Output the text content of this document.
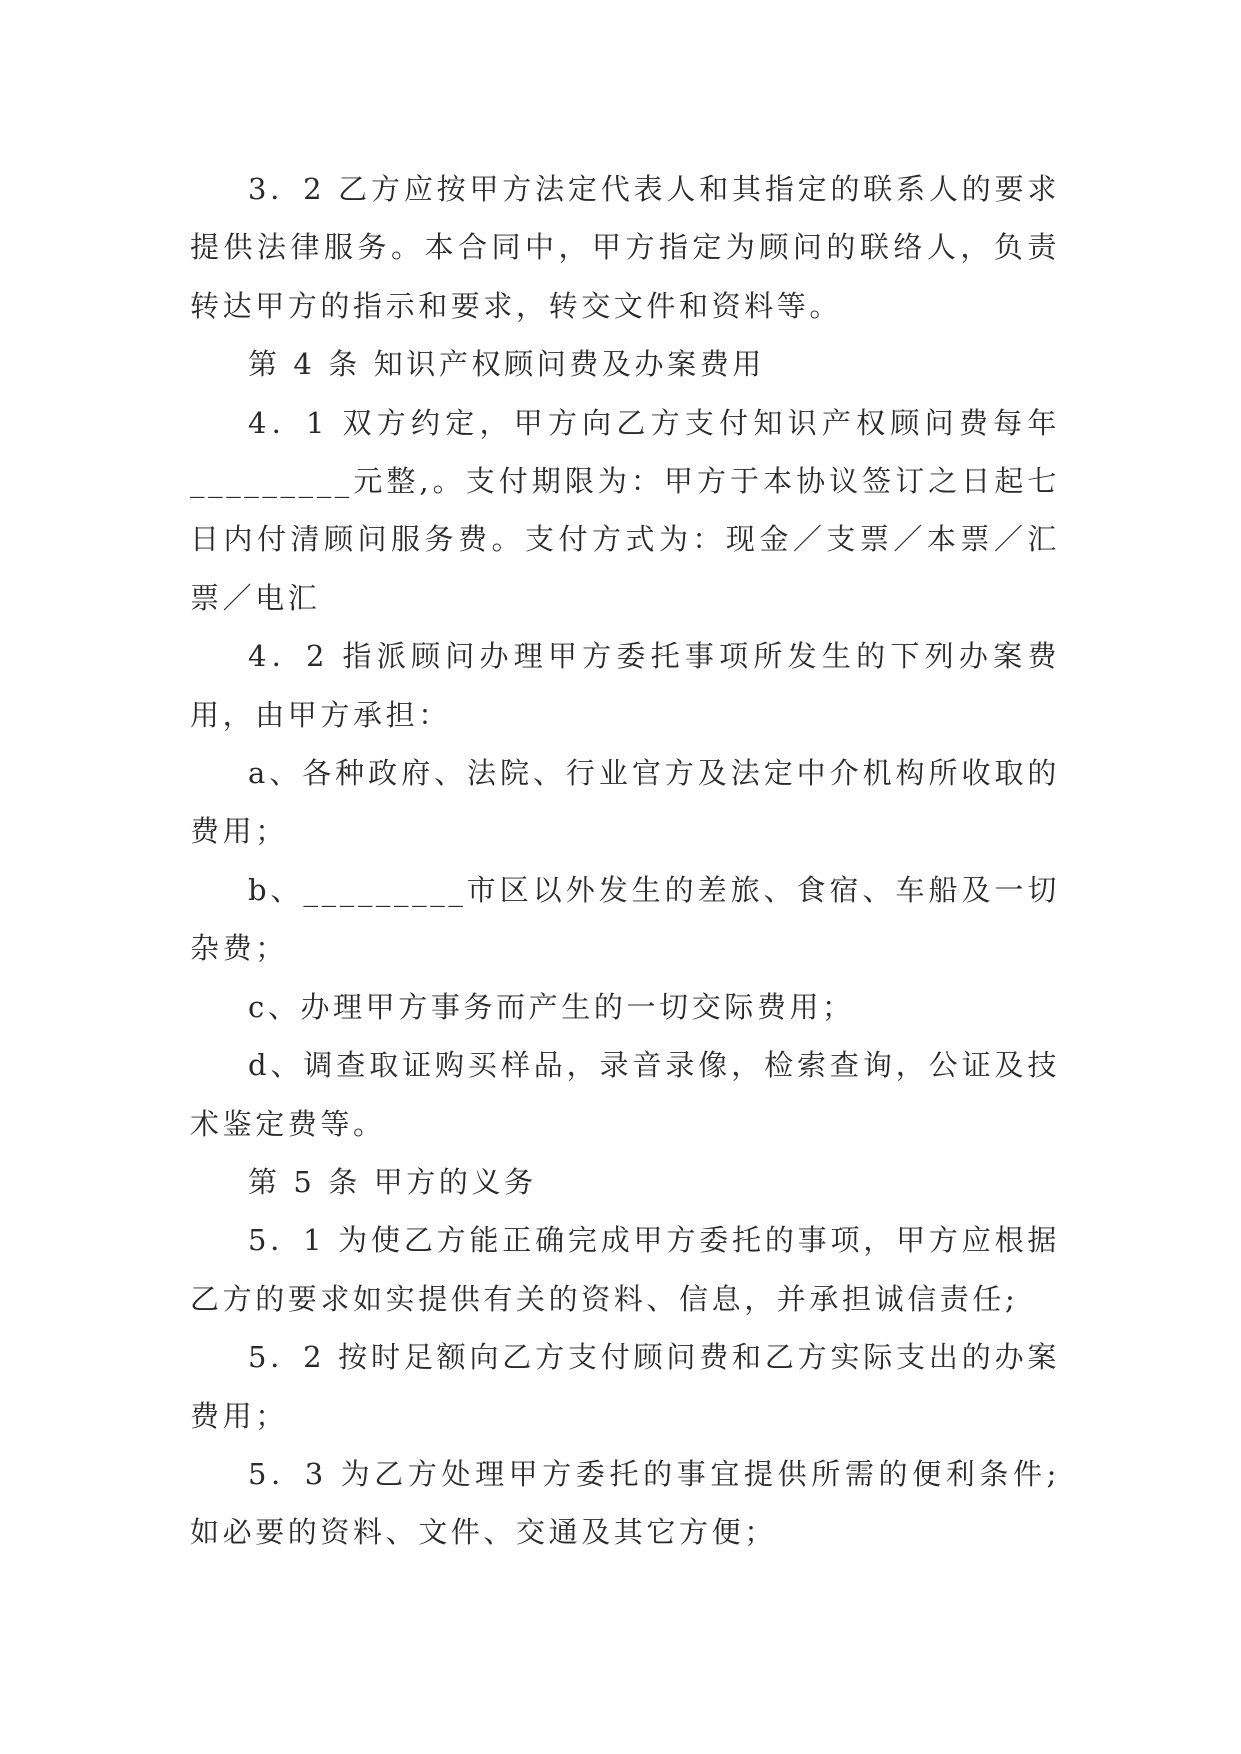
3．2 乙方应按甲方法定代表人和其指定的联系人的要求提供法律服务。本合同中，甲方指定为顾问的联络人，负责转达甲方的指示和要求，转交文件和资料等。

第 4 条 知识产权顾问费及办案费用

4．1 双方约定，甲方向乙方支付知识产权顾问费每年_________元整,。支付期限为：甲方于本协议签订之日起七日内付清顾问服务费。支付方式为：现金／支票／本票／汇票／电汇

4．2 指派顾问办理甲方委托事项所发生的下列办案费用，由甲方承担：

a、各种政府、法院、行业官方及法定中介机构所收取的费用；

b、_________市区以外发生的差旅、食宿、车船及一切杂费；

c、办理甲方事务而产生的一切交际费用；

d、调查取证购买样品，录音录像，检索查询，公证及技术鉴定费等。

第 5 条 甲方的义务

5．1 为使乙方能正确完成甲方委托的事项，甲方应根据乙方的要求如实提供有关的资料、信息，并承担诚信责任;

5．2 按时足额向乙方支付顾问费和乙方实际支出的办案费用；

5．3 为乙方处理甲方委托的事宜提供所需的便利条件;如必要的资料、文件、交通及其它方便；
